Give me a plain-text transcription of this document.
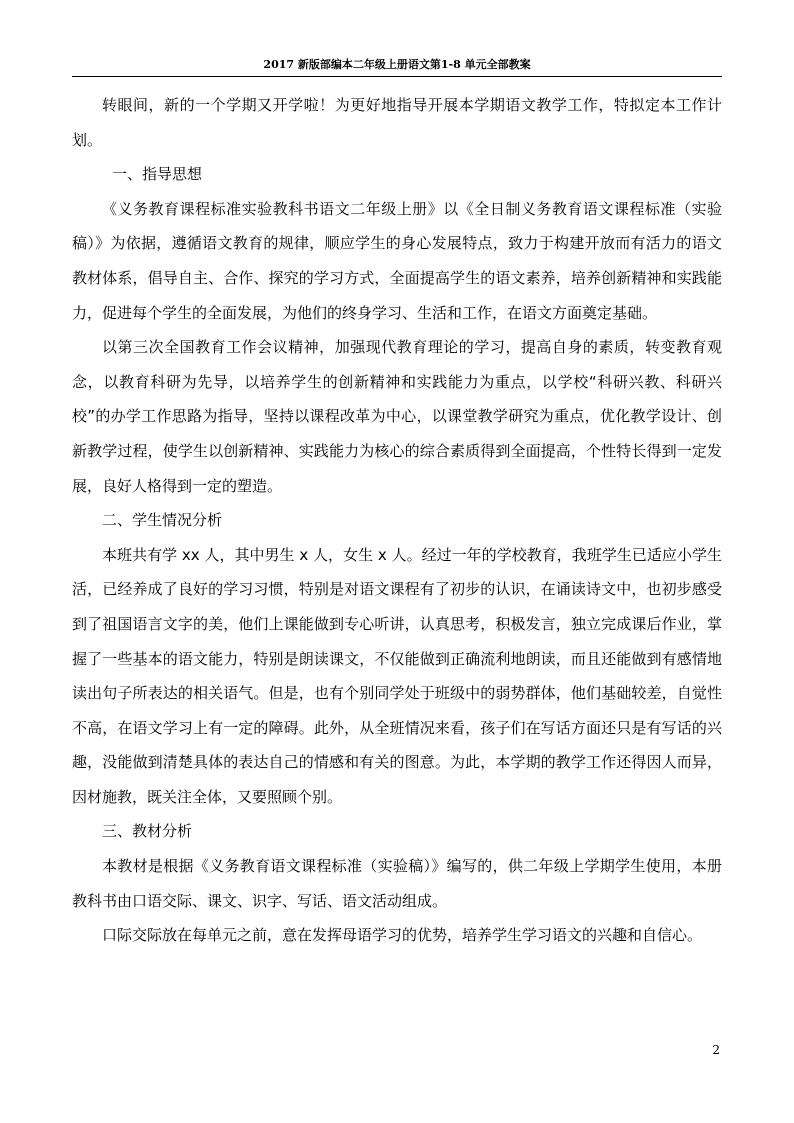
2017 新版部编本二年级上册语文第1-8 单元全部教案

转眼间，新的一个学期又开学啦！为更好地指导开展本学期语文教学工作，特拟定本工作计划。

一、指导思想

《义务教育课程标准实验教科书语文二年级上册》以《全日制义务教育语文课程标准（实验稿）》为依据，遵循语文教育的规律，顺应学生的身心发展特点，致力于构建开放而有活力的语文教材体系，倡导自主、合作、探究的学习方式，全面提高学生的语文素养，培养创新精神和实践能力，促进每个学生的全面发展，为他们的终身学习、生活和工作，在语文方面奠定基础。

以第三次全国教育工作会议精神，加强现代教育理论的学习，提高自身的素质，转变教育观念，以教育科研为先导，以培养学生的创新精神和实践能力为重点，以学校“科研兴教、科研兴校”的办学工作思路为指导，坚持以课程改革为中心，以课堂教学研究为重点，优化教学设计、创新教学过程，使学生以创新精神、实践能力为核心的综合素质得到全面提高，个性特长得到一定发展，良好人格得到一定的塑造。

二、学生情况分析

本班共有学 xx 人，其中男生 x 人，女生 x 人。经过一年的学校教育，我班学生已适应小学生活，已经养成了良好的学习习惯，特别是对语文课程有了初步的认识，在诵读诗文中，也初步感受到了祖国语言文字的美，他们上课能做到专心听讲，认真思考，积极发言，独立完成课后作业，掌握了一些基本的语文能力，特别是朗读课文，不仅能做到正确流利地朗读，而且还能做到有感情地读出句子所表达的相关语气。但是，也有个别同学处于班级中的弱势群体，他们基础较差，自觉性不高，在语文学习上有一定的障碍。此外，从全班情况来看，孩子们在写话方面还只是有写话的兴趣，没能做到清楚具体的表达自己的情感和有关的图意。为此，本学期的教学工作还得因人而异，因材施教，既关注全体，又要照顾个别。

三、教材分析

本教材是根据《义务教育语文课程标准（实验稿）》编写的，供二年级上学期学生使用，本册教科书由口语交际、课文、识字、写话、语文活动组成。

口际交际放在每单元之前，意在发挥母语学习的优势，培养学生学习语文的兴趣和自信心。

2
